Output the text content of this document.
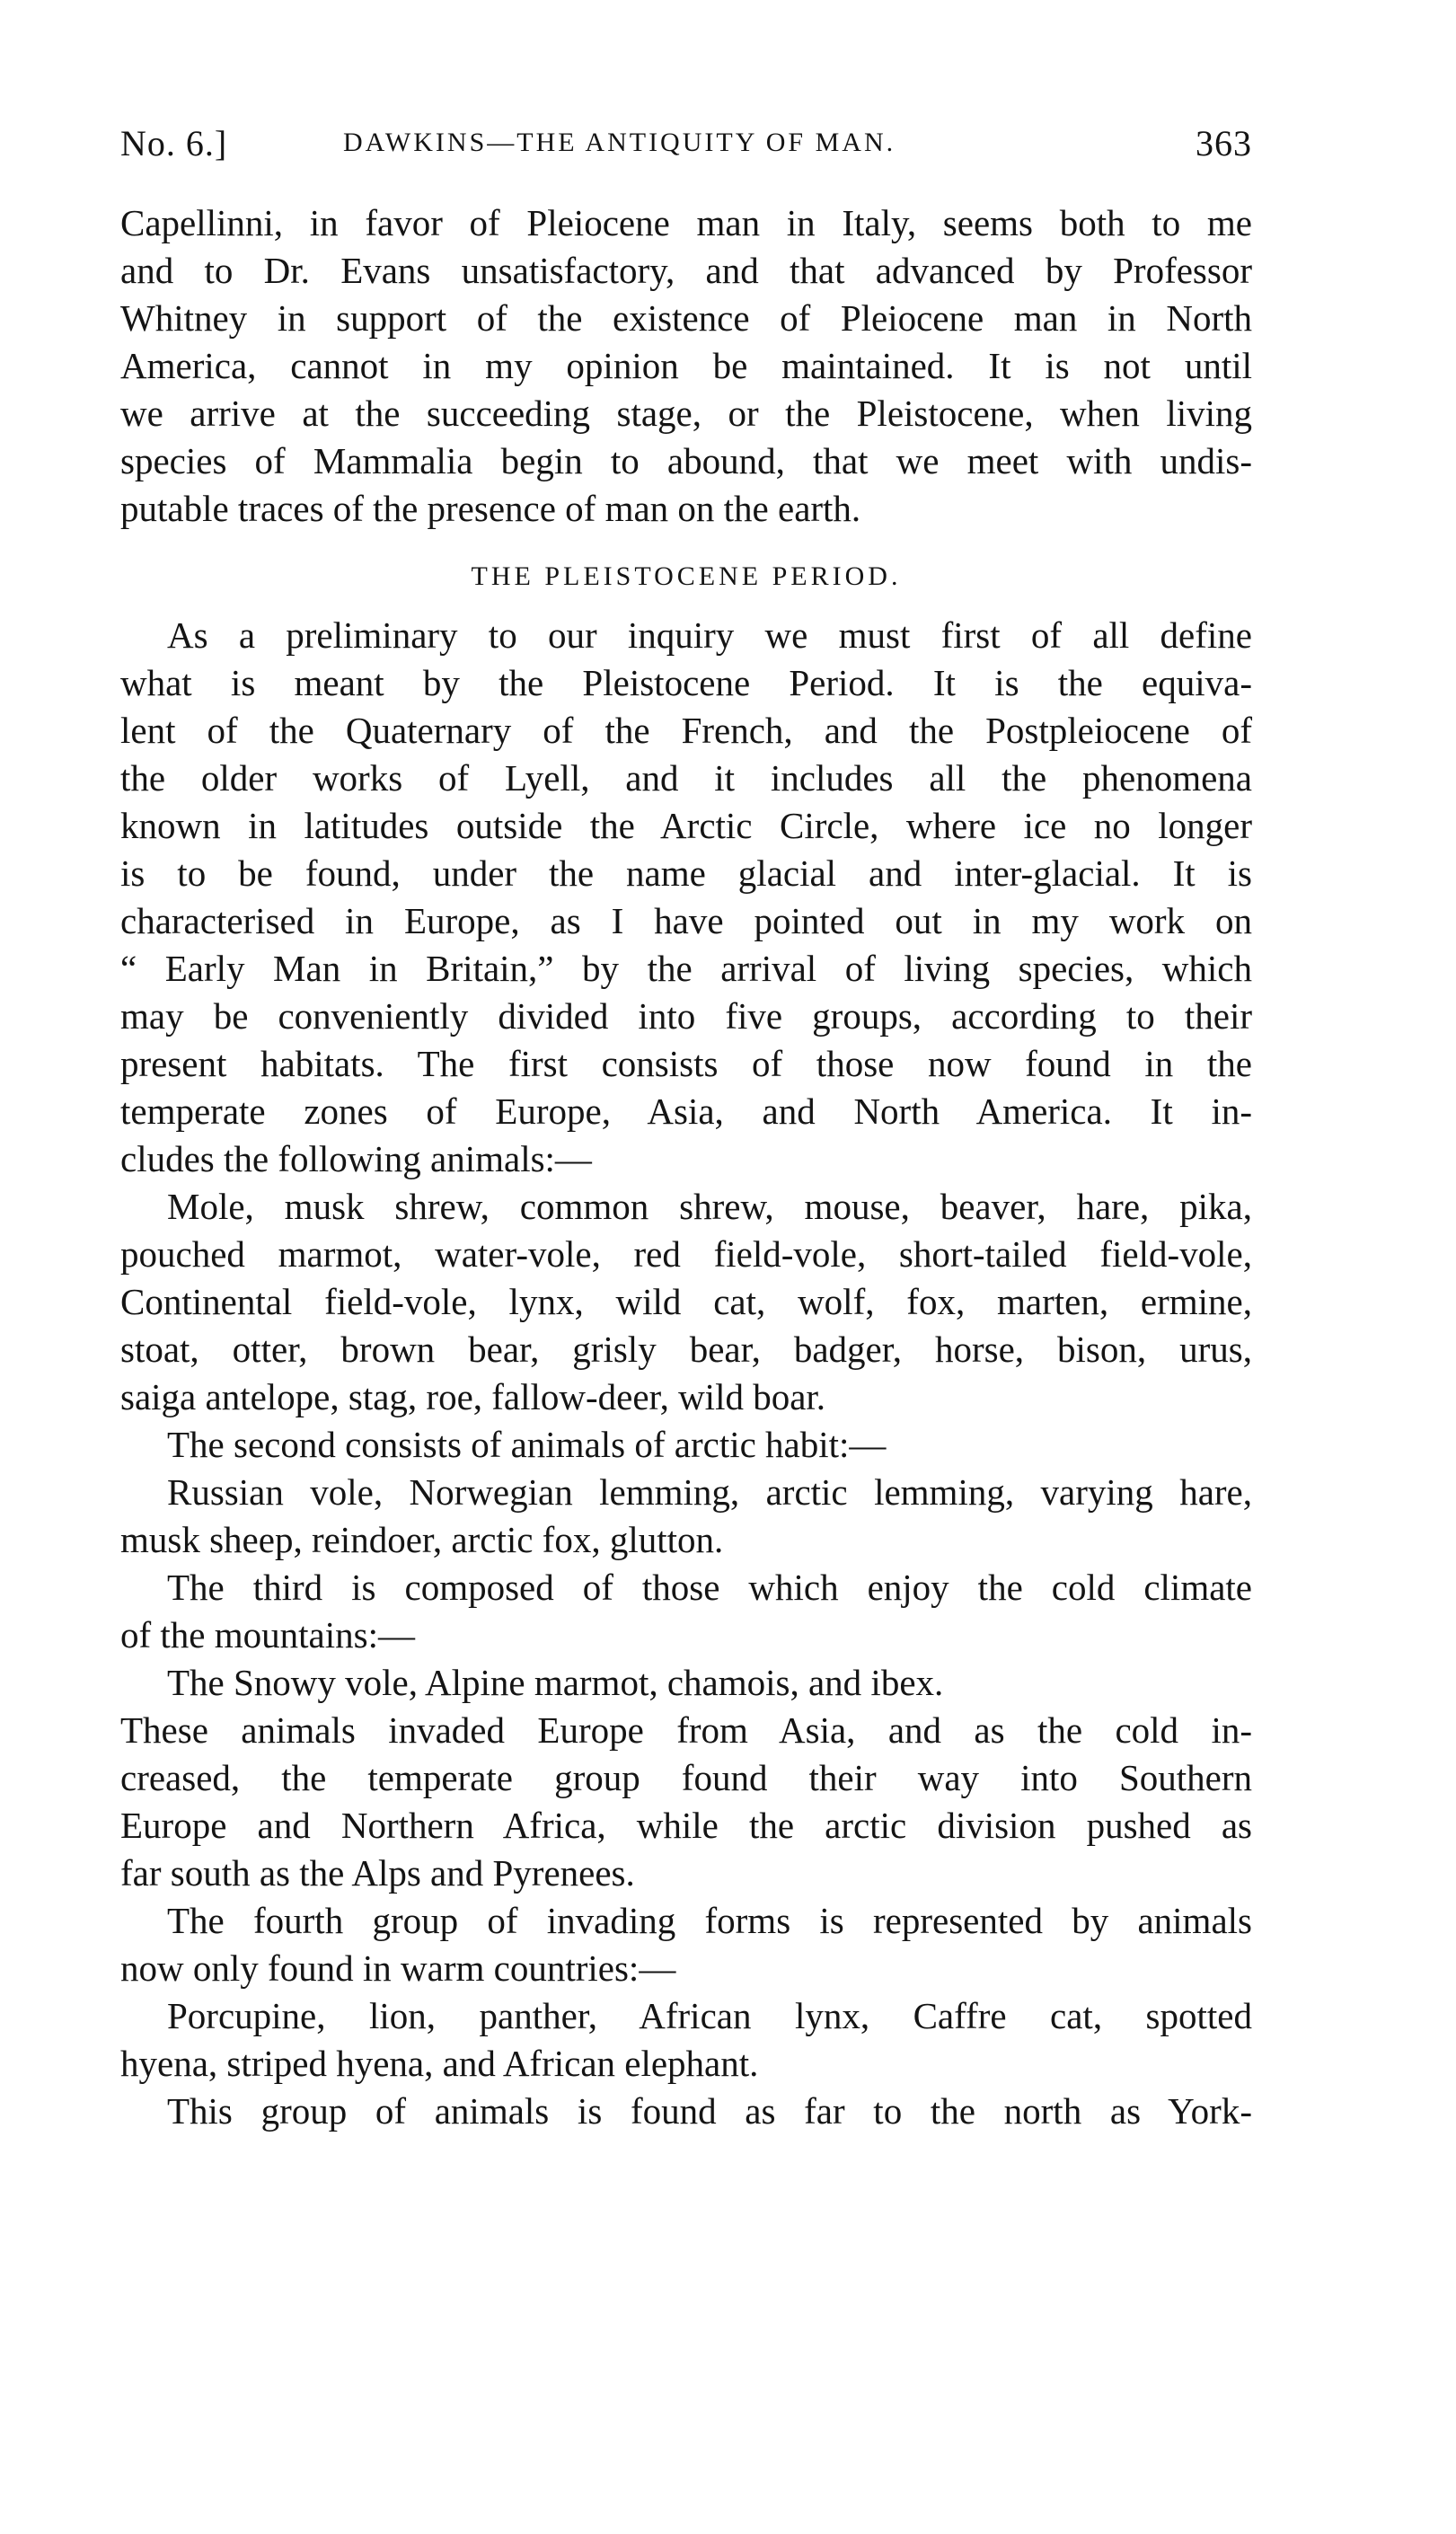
No. 6.]	DAWKINS—THE ANTIQUITY OF MAN.	363
Capellinni, in favor of Pleiocene man in Italy, seems both to me
and to Dr. Evans unsatisfactory, and that advanced by Professor
Whitney in support of the existence of Pleiocene man in North
America, cannot in my opinion be maintained. It is not until
we arrive at the succeeding stage, or the Pleistocene, when living
species of Mammalia begin to abound, that we meet with undis-
putable traces of the presence of man on the earth.
THE PLEISTOCENE PERIOD.
As a preliminary to our inquiry we must first of all define
what is meant by the Pleistocene Period. It is the equiva-
lent of the Quaternary of the French, and the Postpleiocene of
the older works of Lyell, and it includes all the phenomena
known in latitudes outside the Arctic Circle, where ice no longer
is to be found, under the name glacial and inter-glacial. It is
characterised in Europe, as I have pointed out in my work on
“ Early Man in Britain,” by the arrival of living species, which
may be conveniently divided into five groups, according to their
present habitats. The first consists of those now found in the
temperate zones of Europe, Asia, and North America. It in-
cludes the following animals:—
Mole, musk shrew, common shrew, mouse, beaver, hare, pika,
pouched marmot, water-vole, red field-vole, short-tailed field-vole,
Continental field-vole, lynx, wild cat, wolf, fox, marten, ermine,
stoat, otter, brown bear, grisly bear, badger, horse, bison, urus,
saiga antelope, stag, roe, fallow-deer, wild boar.
The second consists of animals of arctic habit:—
Russian vole, Norwegian lemming, arctic lemming, varying hare,
musk sheep, reindoer, arctic fox, glutton.
The third is composed of those which enjoy the cold climate
of the mountains:—
The Snowy vole, Alpine marmot, chamois, and ibex.
These animals invaded Europe from Asia, and as the cold in-
creased, the temperate group found their way into Southern
Europe and Northern Africa, while the arctic division pushed as
far south as the Alps and Pyrenees.
The fourth group of invading forms is represented by animals
now only found in warm countries:—
Porcupine, lion, panther, African lynx, Caffre cat, spotted
hyena, striped hyena, and African elephant.
This group of animals is found as far to the north as York-
